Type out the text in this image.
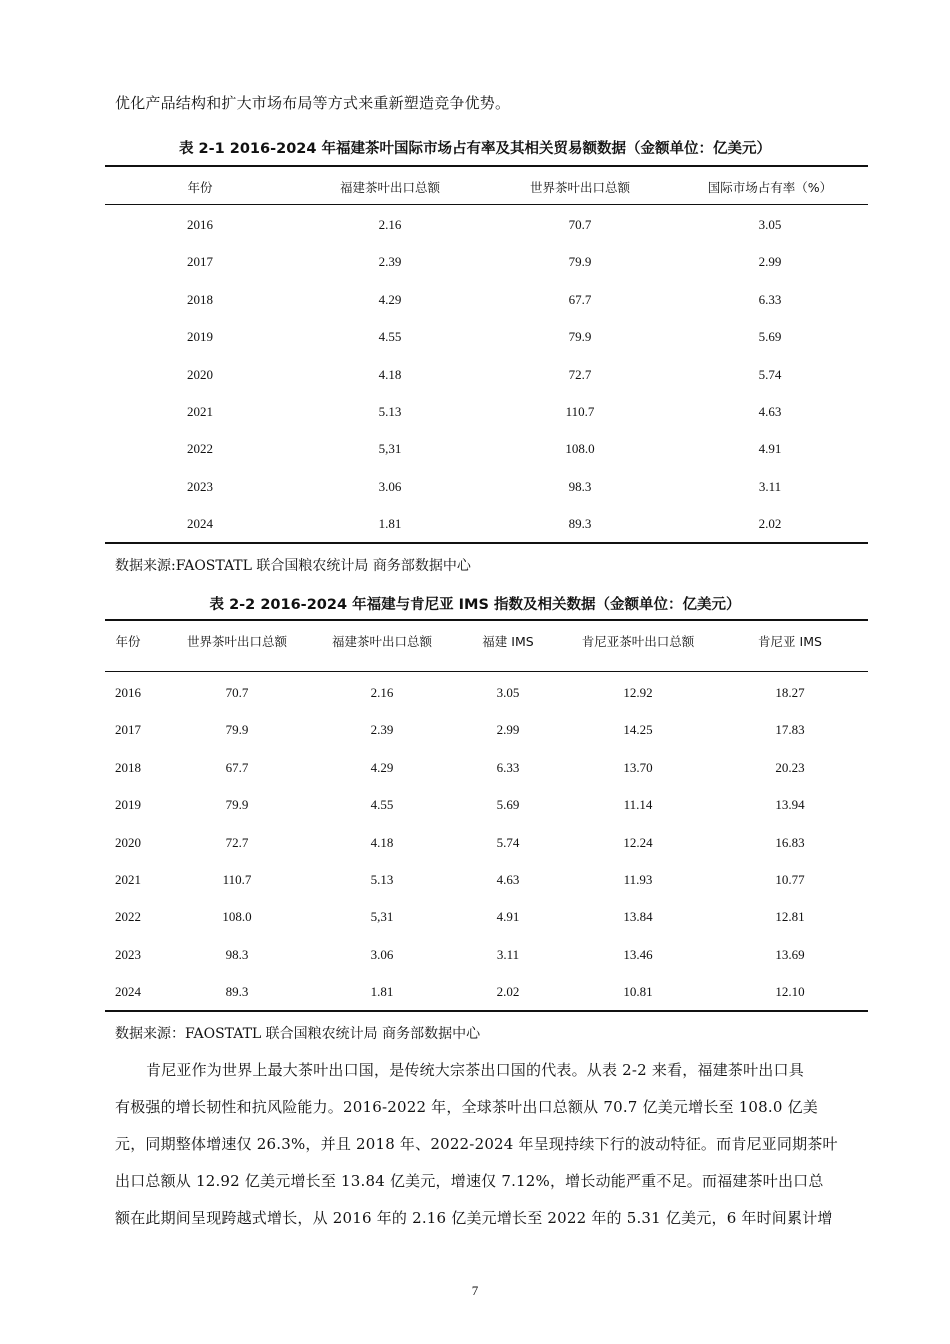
优化产品结构和扩大市场布局等方式来重新塑造竞争优势。
表 2-1 2016-2024 年福建茶叶国际市场占有率及其相关贸易额数据（金额单位：亿美元）
年份	福建茶叶出口总额	世界茶叶出口总额	国际市场占有率（%）
2016	2.16	70.7	3.05
2017	2.39	79.9	2.99
2018	4.29	67.7	6.33
2019	4.55	79.9	5.69
2020	4.18	72.7	5.74
2021	5.13	110.7	4.63
2022	5,31	108.0	4.91
2023	3.06	98.3	3.11
2024	1.81	89.3	2.02
数据来源:FAOSTATL 联合国粮农统计局 商务部数据中心
表 2-2 2016-2024 年福建与肯尼亚 IMS 指数及相关数据（金额单位：亿美元）
年份	世界茶叶出口总额	福建茶叶出口总额	福建 IMS	肯尼亚茶叶出口总额	肯尼亚 IMS
2016	70.7	2.16	3.05	12.92	18.27
2017	79.9	2.39	2.99	14.25	17.83
2018	67.7	4.29	6.33	13.70	20.23
2019	79.9	4.55	5.69	11.14	13.94
2020	72.7	4.18	5.74	12.24	16.83
2021	110.7	5.13	4.63	11.93	10.77
2022	108.0	5,31	4.91	13.84	12.81
2023	98.3	3.06	3.11	13.46	13.69
2024	89.3	1.81	2.02	10.81	12.10
数据来源：FAOSTATL 联合国粮农统计局 商务部数据中心
肯尼亚作为世界上最大茶叶出口国，是传统大宗茶出口国的代表。从表 2-2 来看，福建茶叶出口具
有极强的增长韧性和抗风险能力。2016-2022 年，全球茶叶出口总额从 70.7 亿美元增长至 108.0 亿美
元，同期整体增速仅 26.3%，并且 2018 年、2022-2024 年呈现持续下行的波动特征。而肯尼亚同期茶叶
出口总额从 12.92 亿美元增长至 13.84 亿美元，增速仅 7.12%，增长动能严重不足。而福建茶叶出口总
额在此期间呈现跨越式增长，从 2016 年的 2.16 亿美元增长至 2022 年的 5.31 亿美元，6 年时间累计增
7
